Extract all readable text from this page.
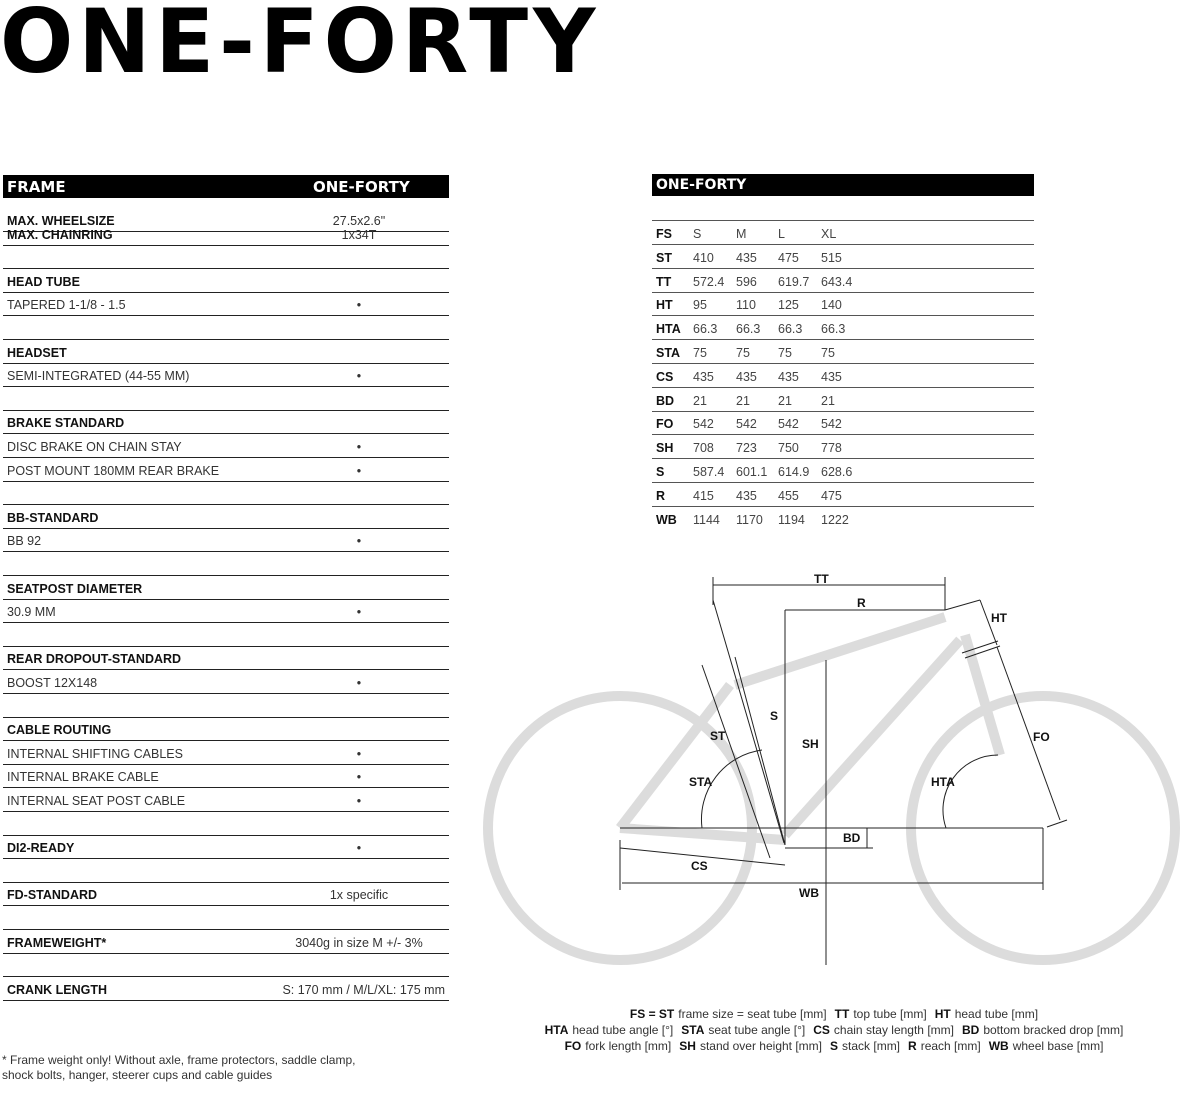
ONE-FORTY
FRAME	ONE-FORTY
MAX. WHEELSIZE	27.5x2.6"
MAX. CHAINRING	1x34T
HEAD TUBE
TAPERED 1-1/8 - 1.5	•
HEADSET
SEMI-INTEGRATED (44-55 MM)	•
BRAKE STANDARD
DISC BRAKE ON CHAIN STAY	•
POST MOUNT 180MM REAR BRAKE	•
BB-STANDARD
BB 92	•
SEATPOST DIAMETER
30.9 MM	•
REAR DROPOUT-STANDARD
BOOST 12X148	•
CABLE ROUTING
INTERNAL SHIFTING CABLES	•
INTERNAL BRAKE CABLE	•
INTERNAL SEAT POST CABLE	•
DI2-READY	•
FD-STANDARD	1x specific
FRAMEWEIGHT*	3040g in size M +/- 3%
CRANK LENGTH	S: 170 mm / M/L/XL: 175 mm
* Frame weight only! Without axle, frame protectors, saddle clamp,
shock bolts, hanger, steerer cups and cable guides
ONE-FORTY
FS S	M	L	XL
ST 410 435 475 515
TT 572.4 596 619.7 643.4
HT 95 110 125 140
HTA 66.3 66.3 66.3 66.3
STA 75 75 75 75
CS 435 435 435 435
BD 21 21 21 21
FO 542 542 542 542
SH 708 723 750 778
S 587.4 601.1 614.9 628.6
R 415 435 455 475
WB 1144 1170 1194 1222
TT
R
HT
S
ST
SH	FO
STA	HTA
BD
CS
WB
FS = ST frame size = seat tube [mm] TT top tube [mm] HT head tube [mm]
HTA head tube angle [°] STA seat tube angle [°] CS chain stay length [mm] BD bottom bracked drop [mm]
FO fork length [mm] SH stand over height [mm] S stack [mm] R reach [mm] WB wheel base [mm]
